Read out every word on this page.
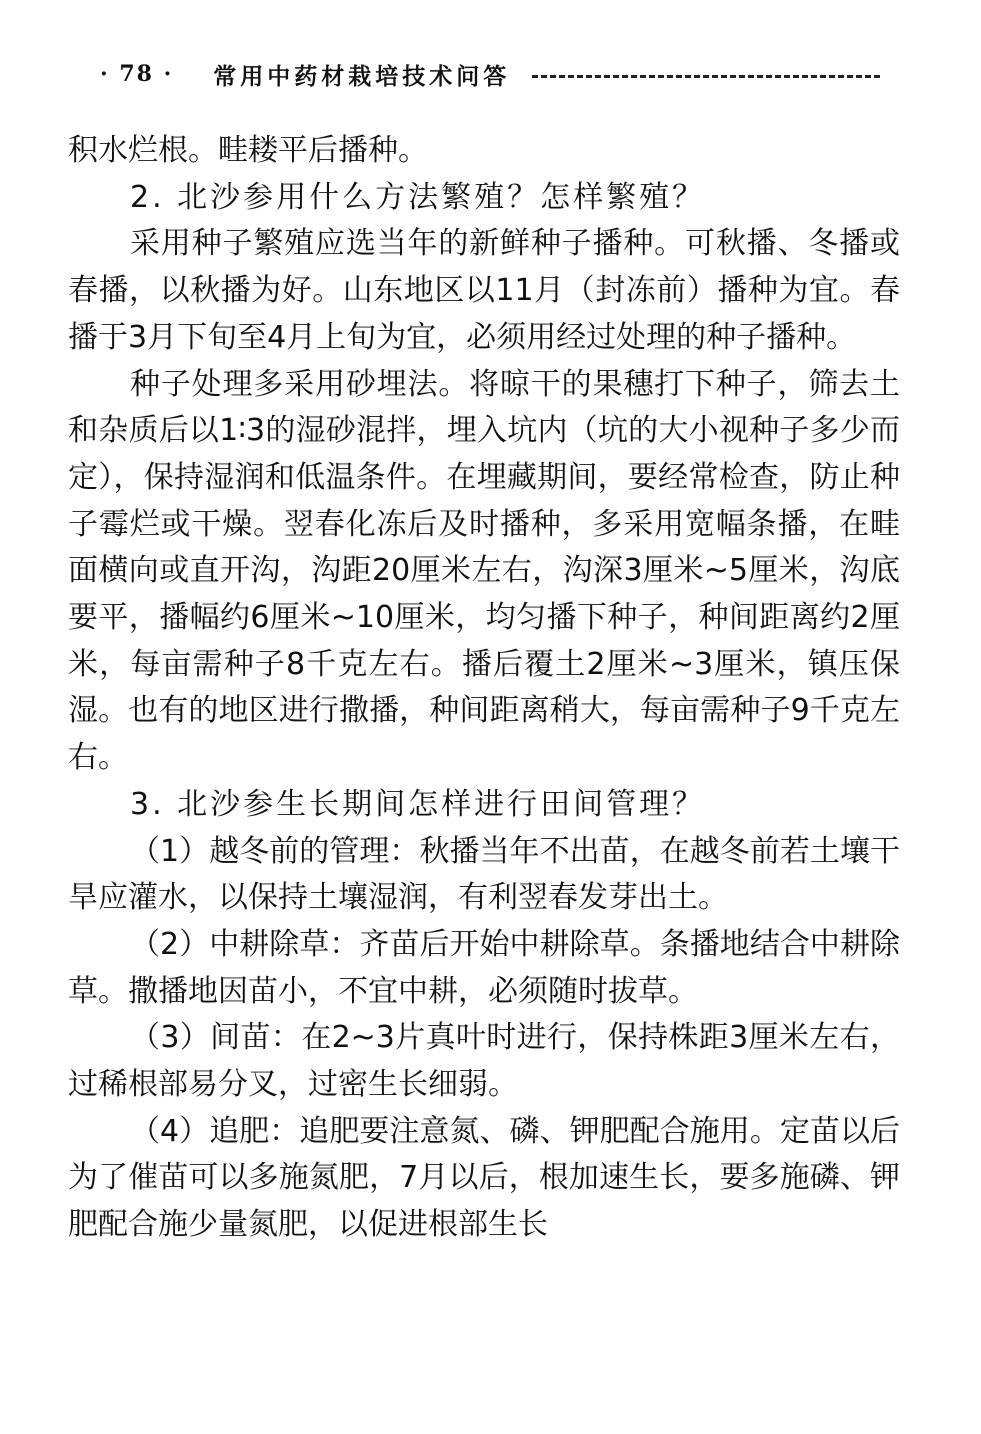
· 78 · 常用中药材栽培技术问答

积水烂根。畦耧平后播种。

2. 北沙参用什么方法繁殖？怎样繁殖？

采用种子繁殖应选当年的新鲜种子播种。可秋播、冬播或春播，以秋播为好。山东地区以11月（封冻前）播种为宜。春播于3月下旬至4月上旬为宜，必须用经过处理的种子播种。

种子处理多采用砂埋法。将晾干的果穗打下种子，筛去土和杂质后以1∶3的湿砂混拌，埋入坑内（坑的大小视种子多少而定），保持湿润和低温条件。在埋藏期间，要经常检查，防止种子霉烂或干燥。翌春化冻后及时播种，多采用宽幅条播，在畦面横向或直开沟，沟距20厘米左右，沟深3厘米~5厘米，沟底要平，播幅约6厘米~10厘米，均匀播下种子，种间距离约2厘米，每亩需种子8千克左右。播后覆土2厘米~3厘米，镇压保湿。也有的地区进行撒播，种间距离稍大，每亩需种子9千克左右。

3. 北沙参生长期间怎样进行田间管理？

（1）越冬前的管理：秋播当年不出苗，在越冬前若土壤干旱应灌水，以保持土壤湿润，有利翌春发芽出土。

（2）中耕除草：齐苗后开始中耕除草。条播地结合中耕除草。撒播地因苗小，不宜中耕，必须随时拔草。

（3）间苗：在2~3片真叶时进行，保持株距3厘米左右，过稀根部易分叉，过密生长细弱。

（4）追肥：追肥要注意氮、磷、钾肥配合施用。定苗以后为了催苗可以多施氮肥，7月以后，根加速生长，要多施磷、钾肥配合施少量氮肥，以促进根部生长
